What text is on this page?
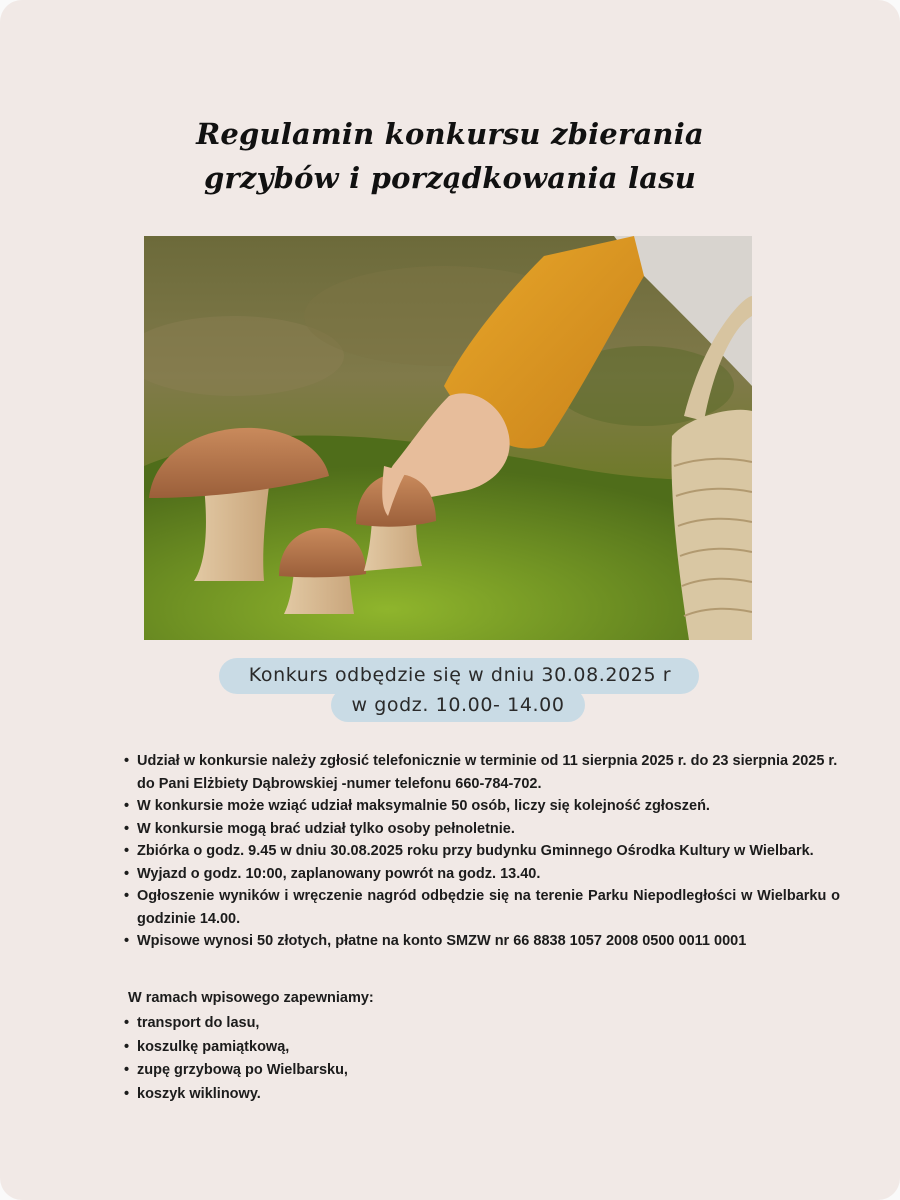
Regulamin konkursu zbierania
grzybów i porządkowania lasu
Konkurs odbędzie się w dniu 30.08.2025 r
w godz. 10.00- 14.00
• Udział w konkursie należy zgłosić telefonicznie w terminie od 11 sierpnia 2025 r. do 23 sierpnia 2025 r. do Pani Elżbiety Dąbrowskiej -numer telefonu 660-784-702.
• W konkursie może wziąć udział maksymalnie 50 osób, liczy się kolejność zgłoszeń.
• W konkursie mogą brać udział tylko osoby pełnoletnie.
• Zbiórka o godz. 9.45 w dniu 30.08.2025 roku przy budynku Gminnego Ośrodka Kultury w Wielbark.
• Wyjazd o godz. 10:00, zaplanowany powrót na godz. 13.40.
• Ogłoszenie wyników i wręczenie nagród odbędzie się na terenie Parku Niepodległości w Wielbarku o godzinie 14.00.
• Wpisowe wynosi 50 złotych, płatne na konto SMZW nr 66 8838 1057 2008 0500 0011 0001
W ramach wpisowego zapewniamy:
• transport do lasu,
• koszulkę pamiątkową,
• zupę grzybową po Wielbarsku,
• koszyk wiklinowy.
